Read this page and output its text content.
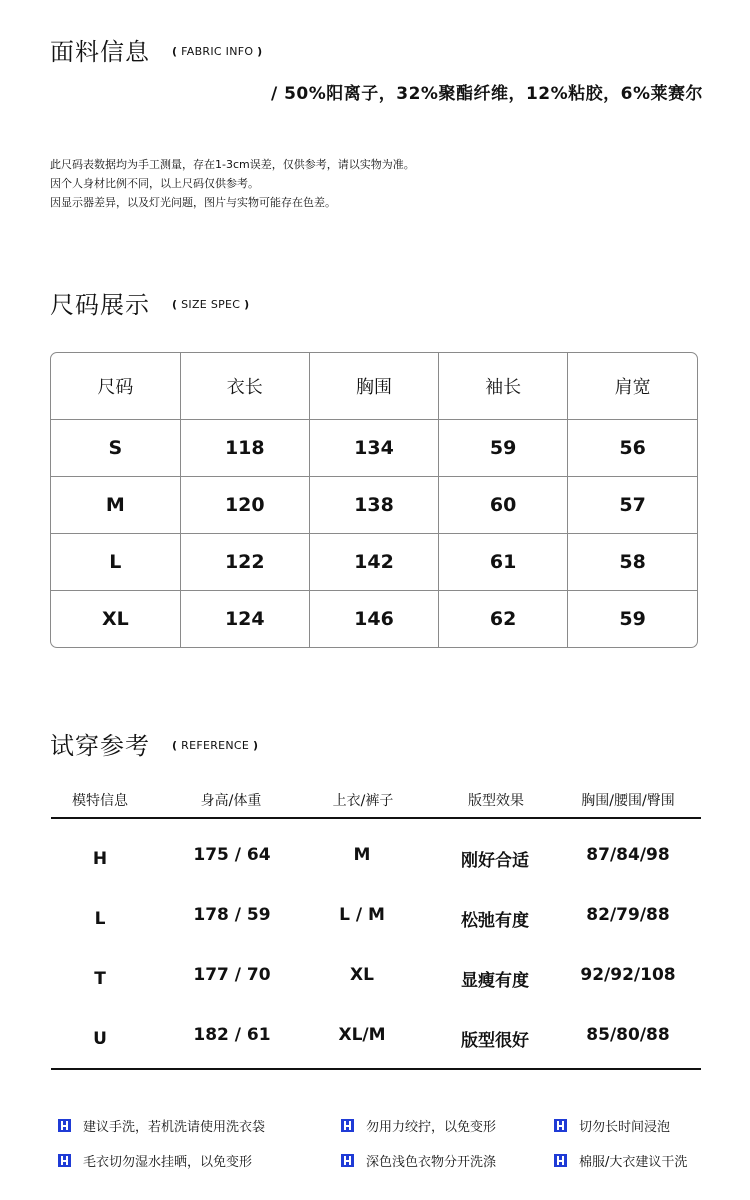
面料信息 ( FABRIC INFO )
/ 50%阳离子，32%聚酯纤维，12%粘胶，6%莱赛尔
此尺码表数据均为手工测量，存在1-3cm误差，仅供参考，请以实物为准。
因个人身材比例不同，以上尺码仅供参考。
因显示器差异，以及灯光问题，图片与实物可能存在色差。
尺码展示 ( SIZE SPEC )
尺码	衣长	胸围	袖长	肩宽
S	118	134	59	56
M	120	138	60	57
L	122	142	61	58
XL	124	146	62	59
试穿参考 ( REFERENCE )
模特信息	身高/体重	上衣/裤子	版型效果	胸围/腰围/臀围
H	175 / 64	M	刚好合适	87/84/98
L	178 / 59	L / M	松弛有度	82/79/88
T	177 / 70	XL	显瘦有度	92/92/108
U	182 / 61	XL/M	版型很好	85/80/88
建议手洗，若机洗请使用洗衣袋	勿用力绞拧，以免变形	切勿长时间浸泡
毛衣切勿湿水挂晒，以免变形	深色浅色衣物分开洗涤	棉服/大衣建议干洗
